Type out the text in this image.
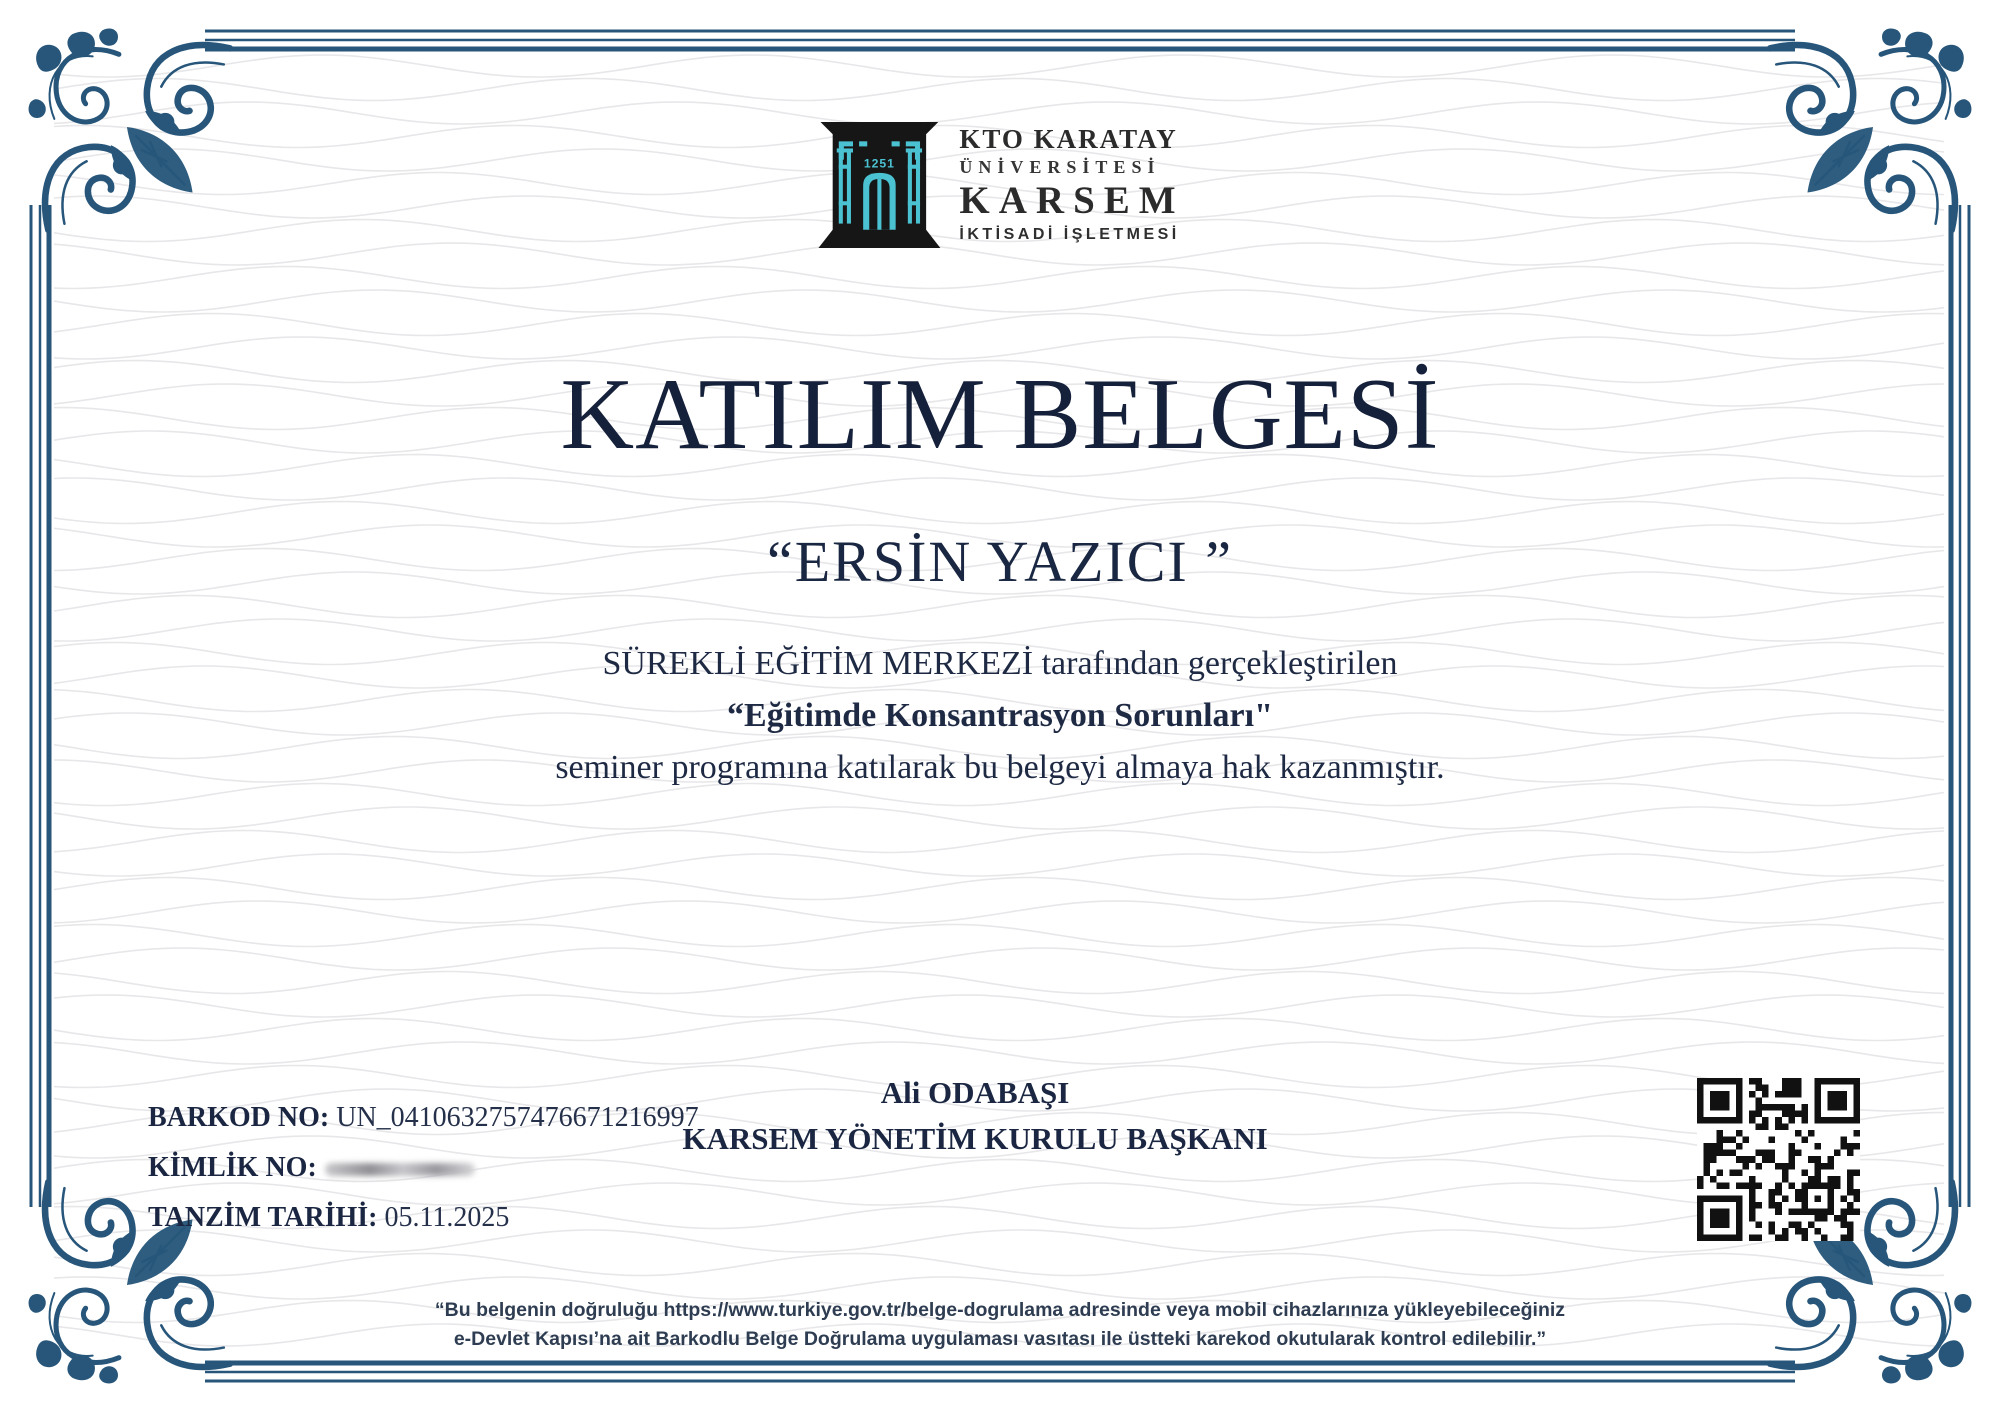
1251
KTO KARATAY
ÜNİVERSİTESİ
KARSEM
İKTİSADİ İŞLETMESİ
KATILIM BELGESİ
“ERSİN YAZICI ”
SÜREKLİ EĞİTİM MERKEZİ tarafından gerçekleştirilen
“Eğitimde Konsantrasyon Sorunları"
seminer programına katılarak bu belgeyi almaya hak kazanmıştır.
Ali ODABAŞI
KARSEM YÖNETİM KURULU BAŞKANI
BARKOD NO: UN_0410632757476671216997
KİMLİK NO:
TANZİM TARİHİ: 05.11.2025
“Bu belgenin doğruluğu https://www.turkiye.gov.tr/belge-dogrulama adresinde veya mobil cihazlarınıza yükleyebileceğiniz
e-Devlet Kapısı’na ait Barkodlu Belge Doğrulama uygulaması vasıtası ile üstteki karekod okutularak kontrol edilebilir.”
